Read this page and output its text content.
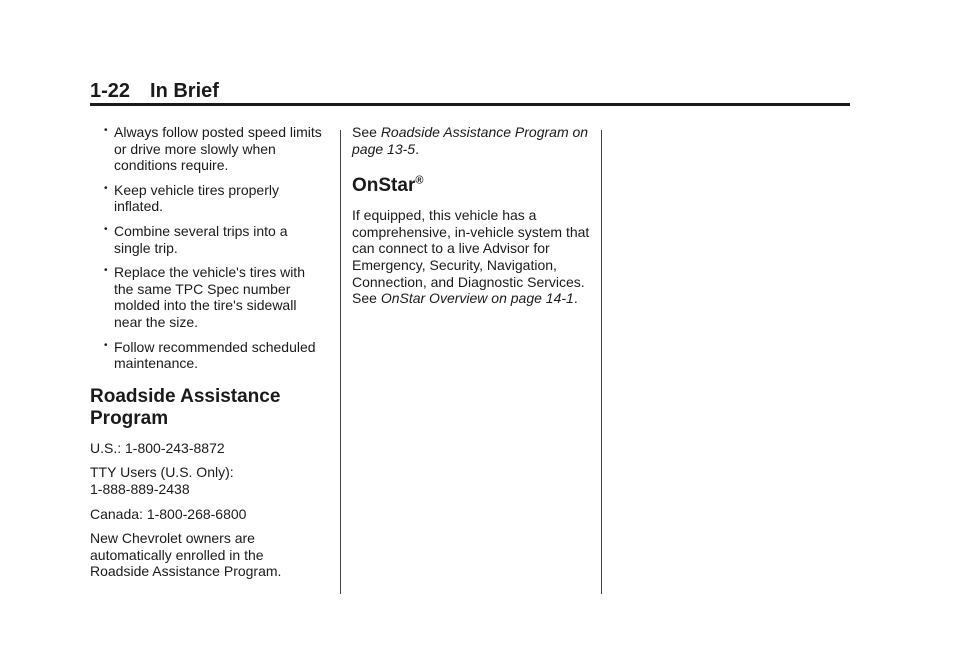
1-22 In Brief
• Always follow posted speed limits or drive more slowly when conditions require.
• Keep vehicle tires properly inflated.
• Combine several trips into a single trip.
• Replace the vehicle's tires with the same TPC Spec number molded into the tire's sidewall near the size.
• Follow recommended scheduled maintenance.
Roadside Assistance Program

U.S.: 1-800-243-8872

TTY Users (U.S. Only):
1-888-889-2438

Canada: 1-800-268-6800

New Chevrolet owners are automatically enrolled in the Roadside Assistance Program.

See Roadside Assistance Program on page 13-5.

OnStar®

If equipped, this vehicle has a comprehensive, in-vehicle system that can connect to a live Advisor for Emergency, Security, Navigation, Connection, and Diagnostic Services. See OnStar Overview on page 14-1.
